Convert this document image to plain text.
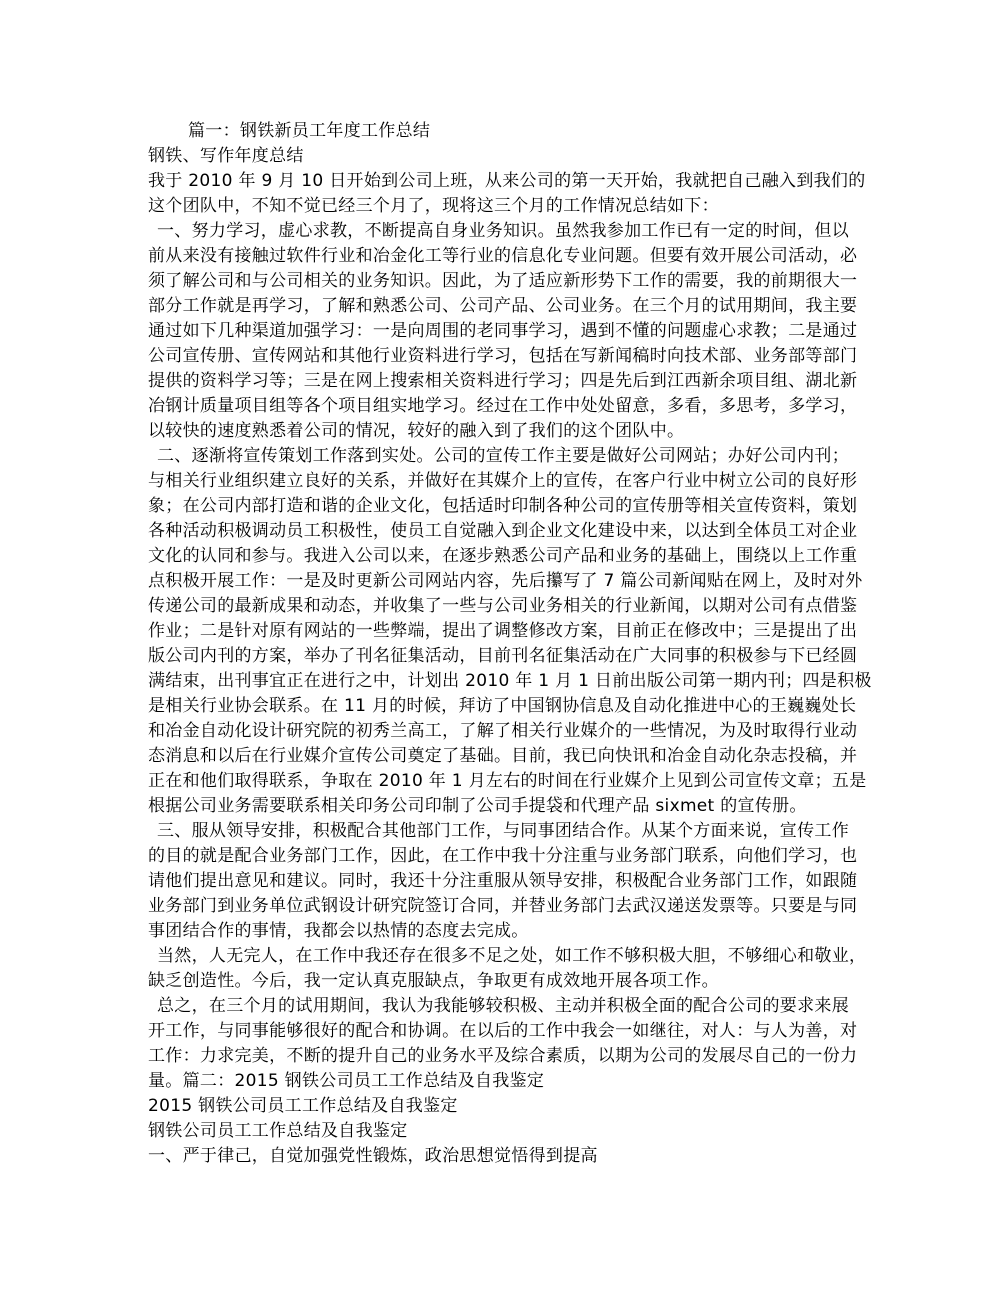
篇一：钢铁新员工年度工作总结
钢铁、写作年度总结
我于 2010 年 9 月 10 日开始到公司上班，从来公司的第一天开始，我就把自己融入到我们的
这个团队中，不知不觉已经三个月了，现将这三个月的工作情况总结如下：
一、努力学习，虚心求教，不断提高自身业务知识。虽然我参加工作已有一定的时间，但以
前从来没有接触过软件行业和冶金化工等行业的信息化专业问题。但要有效开展公司活动，必
须了解公司和与公司相关的业务知识。因此，为了适应新形势下工作的需要，我的前期很大一
部分工作就是再学习，了解和熟悉公司、公司产品、公司业务。在三个月的试用期间，我主要
通过如下几种渠道加强学习：一是向周围的老同事学习，遇到不懂的问题虚心求教；二是通过
公司宣传册、宣传网站和其他行业资料进行学习，包括在写新闻稿时向技术部、业务部等部门
提供的资料学习等；三是在网上搜索相关资料进行学习；四是先后到江西新余项目组、湖北新
冶钢计质量项目组等各个项目组实地学习。经过在工作中处处留意，多看，多思考，多学习，
以较快的速度熟悉着公司的情况，较好的融入到了我们的这个团队中。
二、逐渐将宣传策划工作落到实处。公司的宣传工作主要是做好公司网站；办好公司内刊；
与相关行业组织建立良好的关系，并做好在其媒介上的宣传，在客户行业中树立公司的良好形
象；在公司内部打造和谐的企业文化，包括适时印制各种公司的宣传册等相关宣传资料，策划
各种活动积极调动员工积极性，使员工自觉融入到企业文化建设中来，以达到全体员工对企业
文化的认同和参与。我进入公司以来，在逐步熟悉公司产品和业务的基础上，围绕以上工作重
点积极开展工作：一是及时更新公司网站内容，先后攥写了 7 篇公司新闻贴在网上，及时对外
传递公司的最新成果和动态，并收集了一些与公司业务相关的行业新闻，以期对公司有点借鉴
作业；二是针对原有网站的一些弊端，提出了调整修改方案，目前正在修改中；三是提出了出
版公司内刊的方案，举办了刊名征集活动，目前刊名征集活动在广大同事的积极参与下已经圆
满结束，出刊事宜正在进行之中，计划出 2010 年 1 月 1 日前出版公司第一期内刊；四是积极
是相关行业协会联系。在 11 月的时候，拜访了中国钢协信息及自动化推进中心的王巍巍处长
和冶金自动化设计研究院的初秀兰高工，了解了相关行业媒介的一些情况，为及时取得行业动
态消息和以后在行业媒介宣传公司奠定了基础。目前，我已向快讯和冶金自动化杂志投稿，并
正在和他们取得联系，争取在 2010 年 1 月左右的时间在行业媒介上见到公司宣传文章；五是
根据公司业务需要联系相关印务公司印制了公司手提袋和代理产品 sixmet 的宣传册。
三、服从领导安排，积极配合其他部门工作，与同事团结合作。从某个方面来说，宣传工作
的目的就是配合业务部门工作，因此，在工作中我十分注重与业务部门联系，向他们学习，也
请他们提出意见和建议。同时，我还十分注重服从领导安排，积极配合业务部门工作，如跟随
业务部门到业务单位武钢设计研究院签订合同，并替业务部门去武汉递送发票等。只要是与同
事团结合作的事情，我都会以热情的态度去完成。
当然，人无完人，在工作中我还存在很多不足之处，如工作不够积极大胆，不够细心和敬业，
缺乏创造性。今后，我一定认真克服缺点，争取更有成效地开展各项工作。
总之，在三个月的试用期间，我认为我能够较积极、主动并积极全面的配合公司的要求来展
开工作，与同事能够很好的配合和协调。在以后的工作中我会一如继往，对人：与人为善，对
工作：力求完美，不断的提升自己的业务水平及综合素质，以期为公司的发展尽自己的一份力
量。篇二：2015 钢铁公司员工工作总结及自我鉴定
2015 钢铁公司员工工作总结及自我鉴定
钢铁公司员工工作总结及自我鉴定
一、严于律己，自觉加强党性锻炼，政治思想觉悟得到提高
